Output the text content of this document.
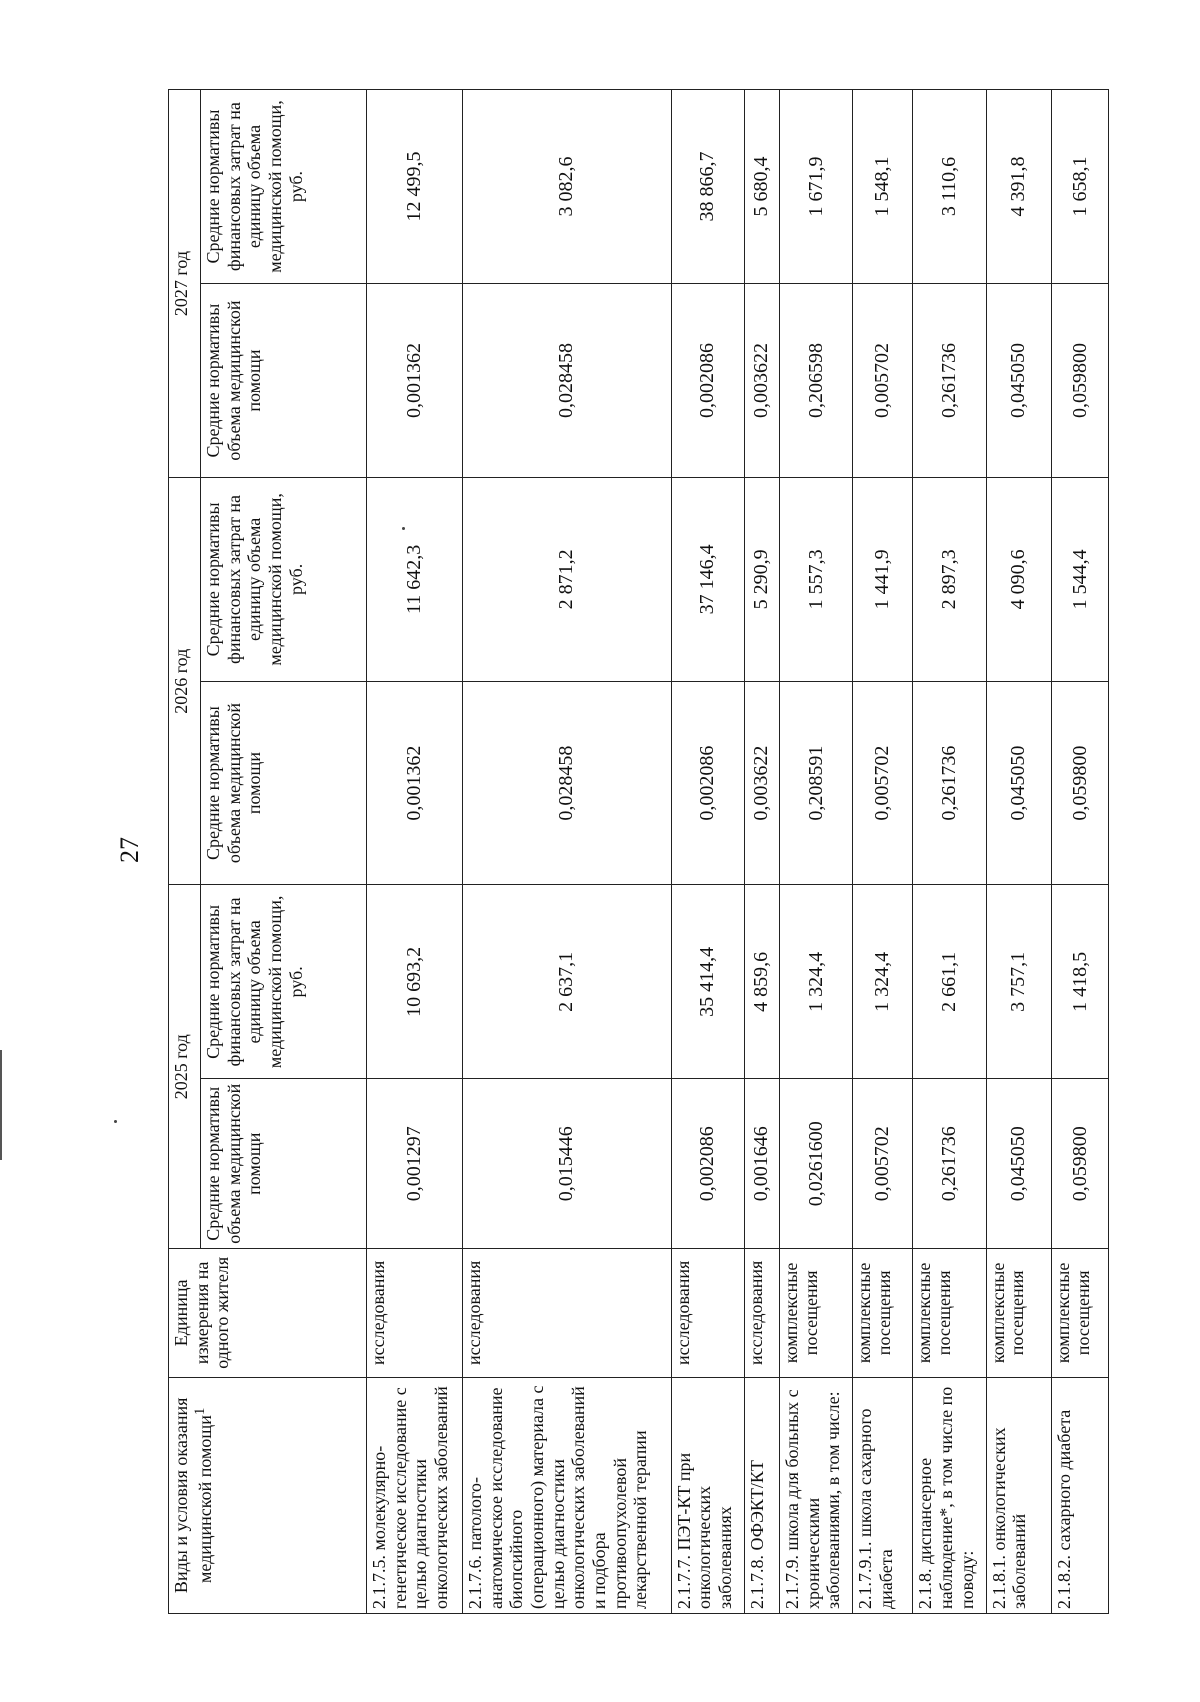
27
Виды и условия оказания медицинской помощи$^1$	Единица измерения на одного жителя	2025 год		2026 год		2027 год	
		Средние нормативы объема медицинской помощи	Средние нормативы финансовых затрат на единицу объема медицинской помощи, руб.	Средние нормативы объема медицинской помощи	Средние нормативы финансовых затрат на единицу объема медицинской помощи, руб.	Средние нормативы объема медицинской помощи	Средние нормативы финансовых затрат на единицу объема медицинской помощи, руб.
2.1.7.5. молекулярно-генетическое исследование с целью диагностики онкологических заболеваний	исследования	0,001297	10 693,2	0,001362	11 642,3	0,001362	12 499,5
2.1.7.6. патолого-анатомическое исследование биопсийного (операционного) материала с целью диагностики онкологических заболеваний и подбора противоопухолевой лекарственной терапии	исследования	0,015446	2 637,1	0,028458	2 871,2	0,028458	3 082,6
2.1.7.7. ПЭТ-КТ при онкологических заболеваниях	исследования	0,002086	35 414,4	0,002086	37 146,4	0,002086	38 866,7
2.1.7.8. ОФЭКТ/КТ	исследования	0,001646	4 859,6	0,003622	5 290,9	0,003622	5 680,4
2.1.7.9. школа для больных с хроническими заболеваниями, в том числе:	комплексные посещения	0,0261600	1 324,4	0,208591	1 557,3	0,206598	1 671,9
2.1.7.9.1. школа сахарного диабета	комплексные посещения	0,005702	1 324,4	0,005702	1 441,9	0,005702	1 548,1
2.1.8. диспансерное наблюдение*, в том числе по поводу:	комплексные посещения	0,261736	2 661,1	0,261736	2 897,3	0,261736	3 110,6
2.1.8.1. онкологических заболеваний	комплексные посещения	0,045050	3 757,1	0,045050	4 090,6	0,045050	4 391,8
2.1.8.2. сахарного диабета	комплексные посещения	0,059800	1 418,5	0,059800	1 544,4	0,059800	1 658,1
